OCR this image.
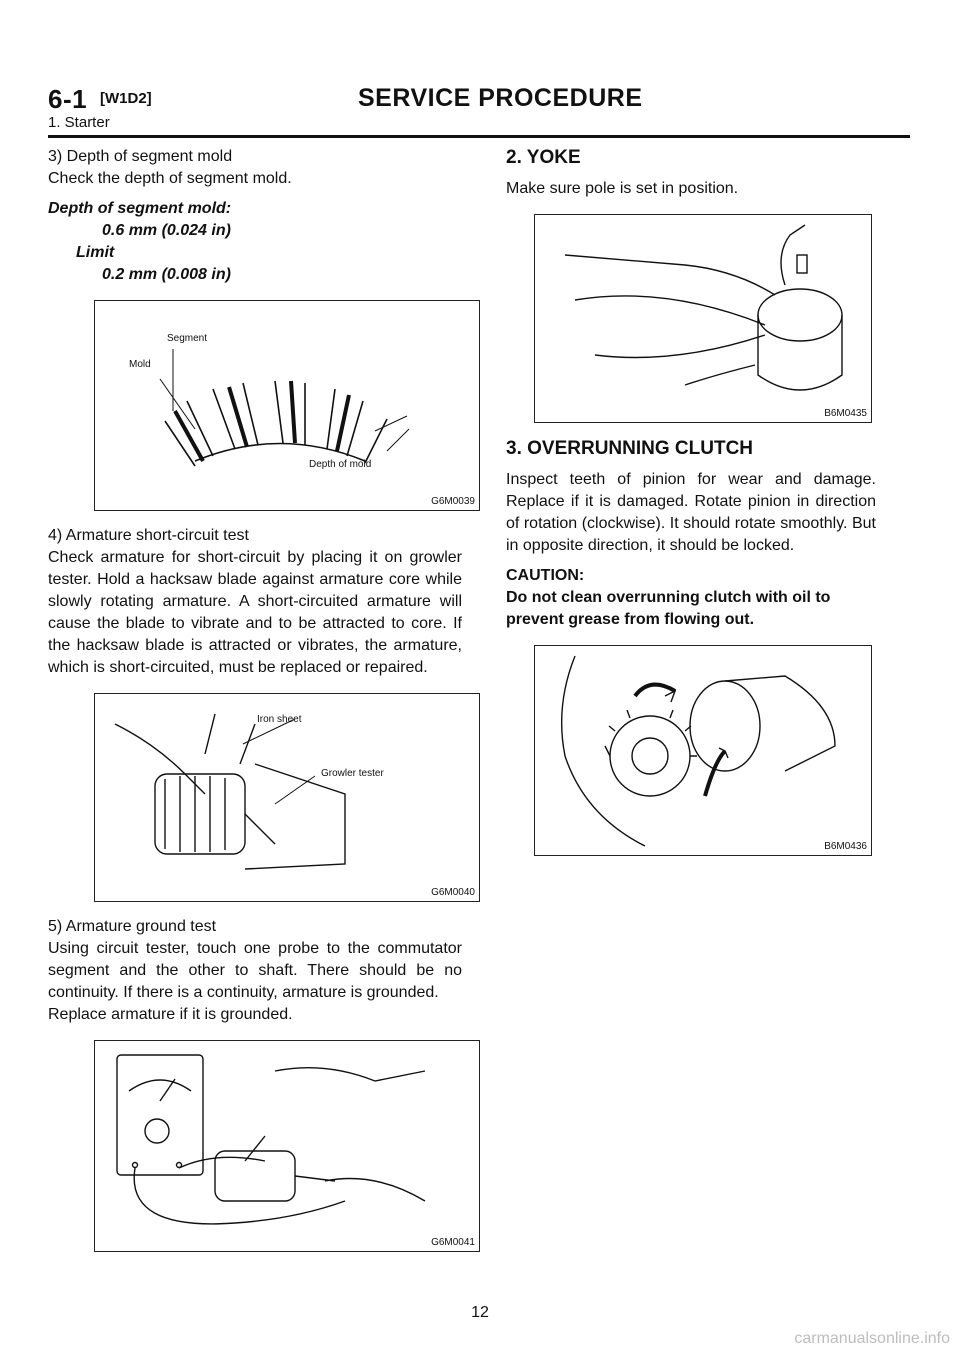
6-1 [W1D2]	SERVICE PROCEDURE
1. Starter

3) Depth of segment mold

Check the depth of segment mold.

Depth of segment mold:

0.6 mm (0.024 in)

Limit

0.2 mm (0.008 in)

Segment
Mold
Depth of mold
G6M0039

4) Armature short-circuit test

Check armature for short-circuit by placing it on growler tester. Hold a hacksaw blade against armature core while slowly rotating armature. A short-circuited armature will cause the blade to vibrate and to be attracted to core. If the hacksaw blade is attracted or vibrates, the armature, which is short-circuited, must be replaced or repaired.

Iron sheet
Growler tester
G6M0040

5) Armature ground test

Using circuit tester, touch one probe to the commutator segment and the other to shaft. There should be no continuity. If there is a continuity, armature is grounded.

Replace armature if it is grounded.

G6M0041
2. YOKE

Make sure pole is set in position.

B6M0435
3. OVERRUNNING CLUTCH

Inspect teeth of pinion for wear and damage. Replace if it is damaged. Rotate pinion in direction of rotation (clockwise). It should rotate smoothly. But in opposite direction, it should be locked.

CAUTION:

Do not clean overrunning clutch with oil to prevent grease from flowing out.

B6M0436
12
carmanualsonline.info
